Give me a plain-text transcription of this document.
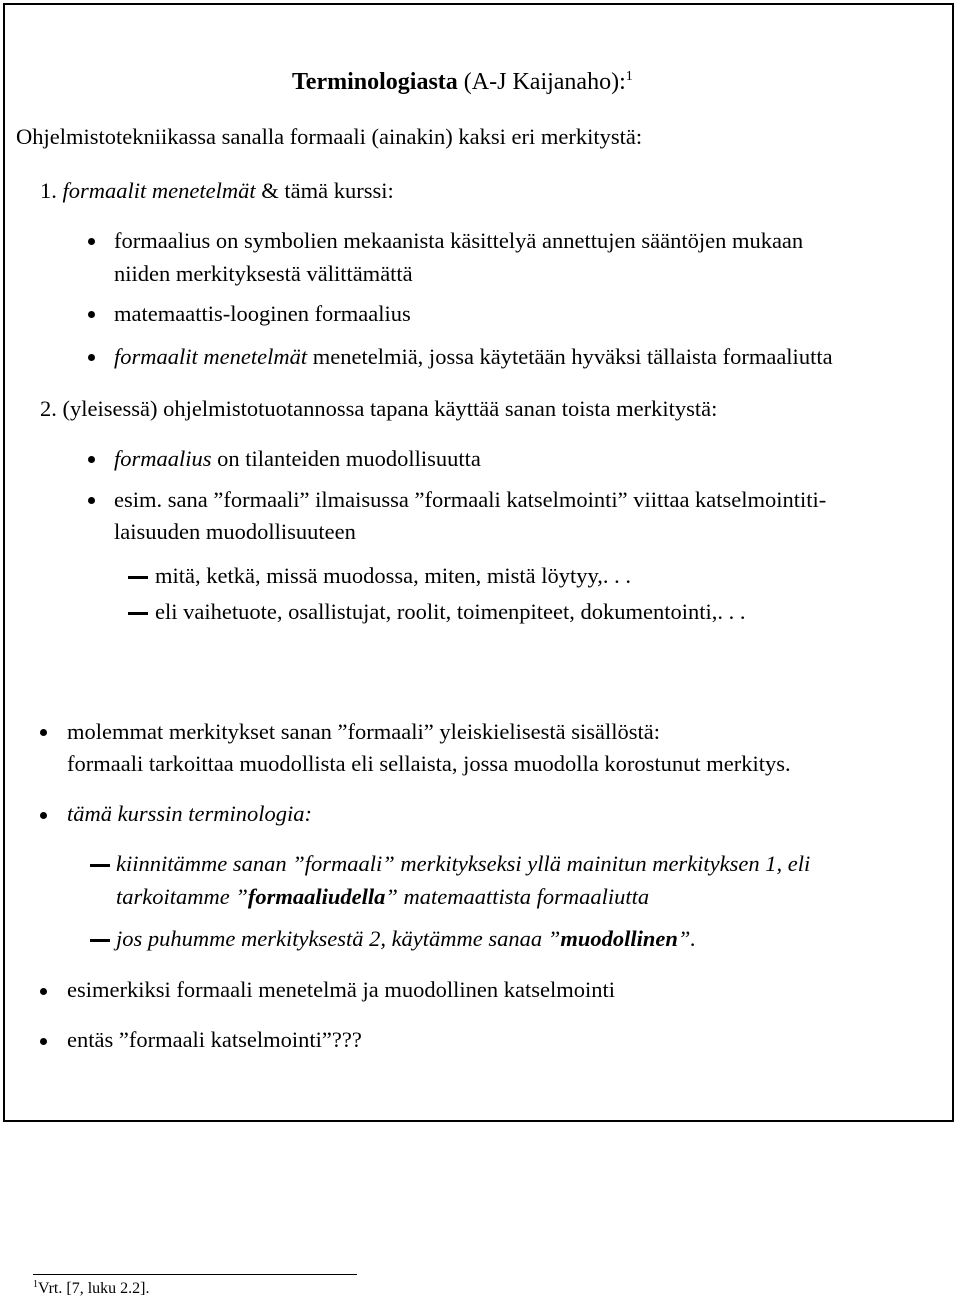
Terminologiasta (A-J Kaijanaho):$^1$
Ohjelmistotekniikassa sanalla formaali (ainakin) kaksi eri merkitystä:
1. formaalit menetelmät & tämä kurssi:
formaalius on symbolien mekaanista käsittelyä annettujen sääntöjen mukaan
niiden merkityksestä välittämättä
matemaattis-looginen formaalius
formaalit menetelmät menetelmiä, jossa käytetään hyväksi tällaista formaaliutta
2. (yleisessä) ohjelmistotuotannossa tapana käyttää sanan toista merkitystä:
formaalius on tilanteiden muodollisuutta
esim. sana ”formaali” ilmaisussa ”formaali katselmointi” viittaa katselmointiti-
laisuuden muodollisuuteen
mitä, ketkä, missä muodossa, miten, mistä löytyy,. . .
eli vaihetuote, osallistujat, roolit, toimenpiteet, dokumentointi,. . .
molemmat merkitykset sanan ”formaali” yleiskielisestä sisällöstä:
formaali tarkoittaa muodollista eli sellaista, jossa muodolla korostunut merkitys.
tämä kurssin terminologia:
kiinnitämme sanan ”formaali” merkitykseksi yllä mainitun merkityksen 1, eli
tarkoitamme ”formaaliudella” matemaattista formaaliutta
jos puhumme merkityksestä 2, käytämme sanaa ”muodollinen”.
esimerkiksi formaali menetelmä ja muodollinen katselmointi
entäs ”formaali katselmointi”???
$^1$Vrt. [7, luku 2.2].
